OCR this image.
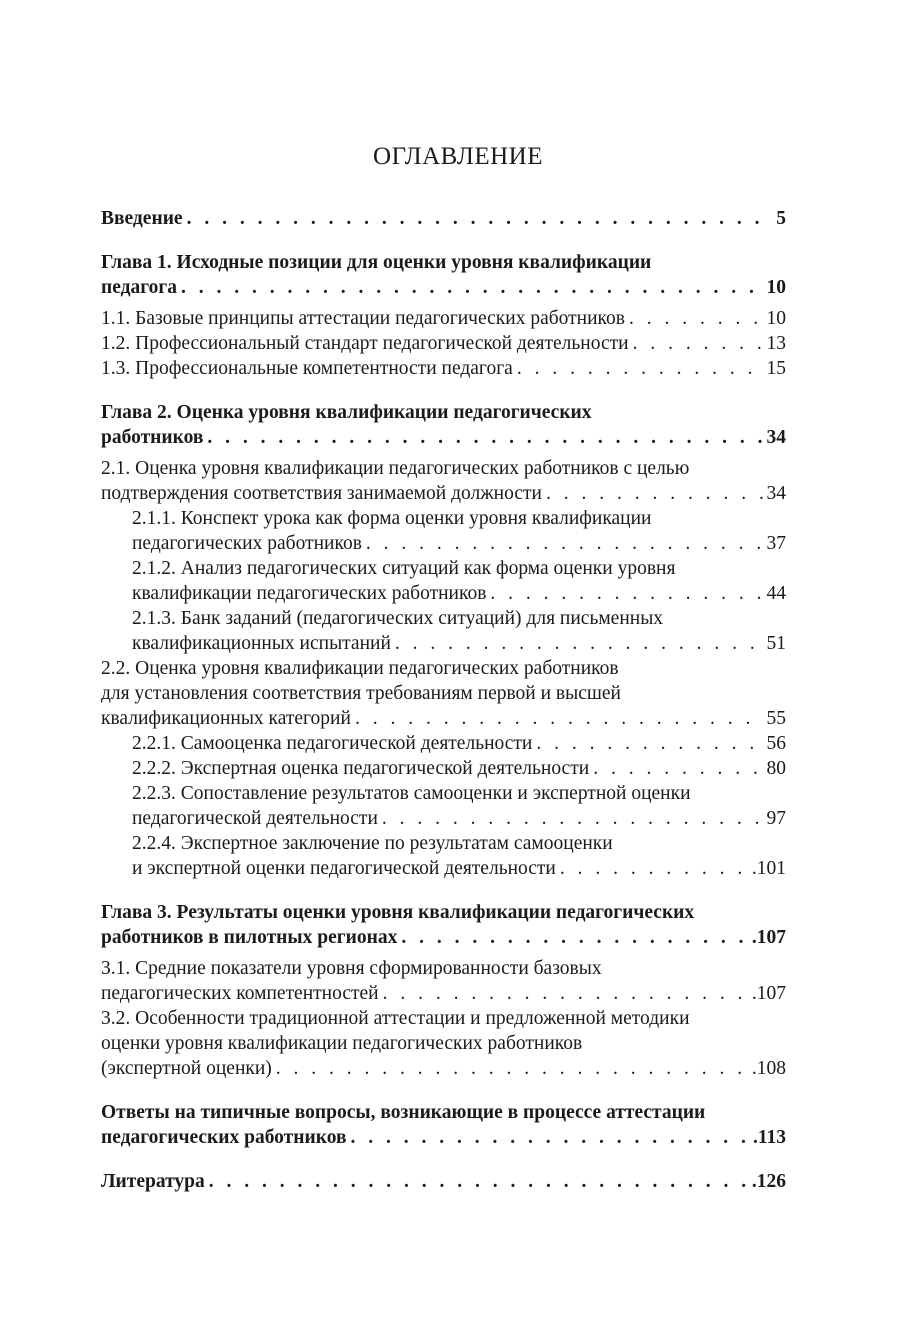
ОГЛАВЛЕНИЕ
Введение . . .	5
Глава 1. Исходные позиции для оценки уровня квалификации
педагога . . .	10
1.1. Базовые принципы аттестации педагогических работников . . .	10
1.2. Профессиональный стандарт педагогической деятельности . . .	13
1.3. Профессиональные компетентности педагога . . .	15
Глава 2. Оценка уровня квалификации педагогических
работников . . .	34
2.1. Оценка уровня квалификации педагогических работников с целью
подтверждения соответствия занимаемой должности . . .	34
2.1.1. Конспект урока как форма оценки уровня квалификации
педагогических работников . . .	37
2.1.2. Анализ педагогических ситуаций как форма оценки уровня
квалификации педагогических работников . . .	44
2.1.3. Банк заданий (педагогических ситуаций) для письменных
квалификационных испытаний . . .	51
2.2. Оценка уровня квалификации педагогических работников
для установления соответствия требованиям первой и высшей
квалификационных категорий . . .	55
2.2.1. Самооценка педагогической деятельности . . .	56
2.2.2. Экспертная оценка педагогической деятельности . . .	80
2.2.3. Сопоставление результатов самооценки и экспертной оценки
педагогической деятельности . . .	97
2.2.4. Экспертное заключение по результатам самооценки
и экспертной оценки педагогической деятельности . . .	.101
Глава 3. Результаты оценки уровня квалификации педагогических
работников в пилотных регионах . . .	.107
3.1. Средние показатели уровня сформированности базовых
педагогических компетентностей . . .	.107
3.2. Особенности традиционной аттестации и предложенной методики
оценки уровня квалификации педагогических работников
(экспертной оценки) . . .	.108
Ответы на типичные вопросы, возникающие в процессе аттестации
педагогических работников . . .	.113
Литература . . .	.126
